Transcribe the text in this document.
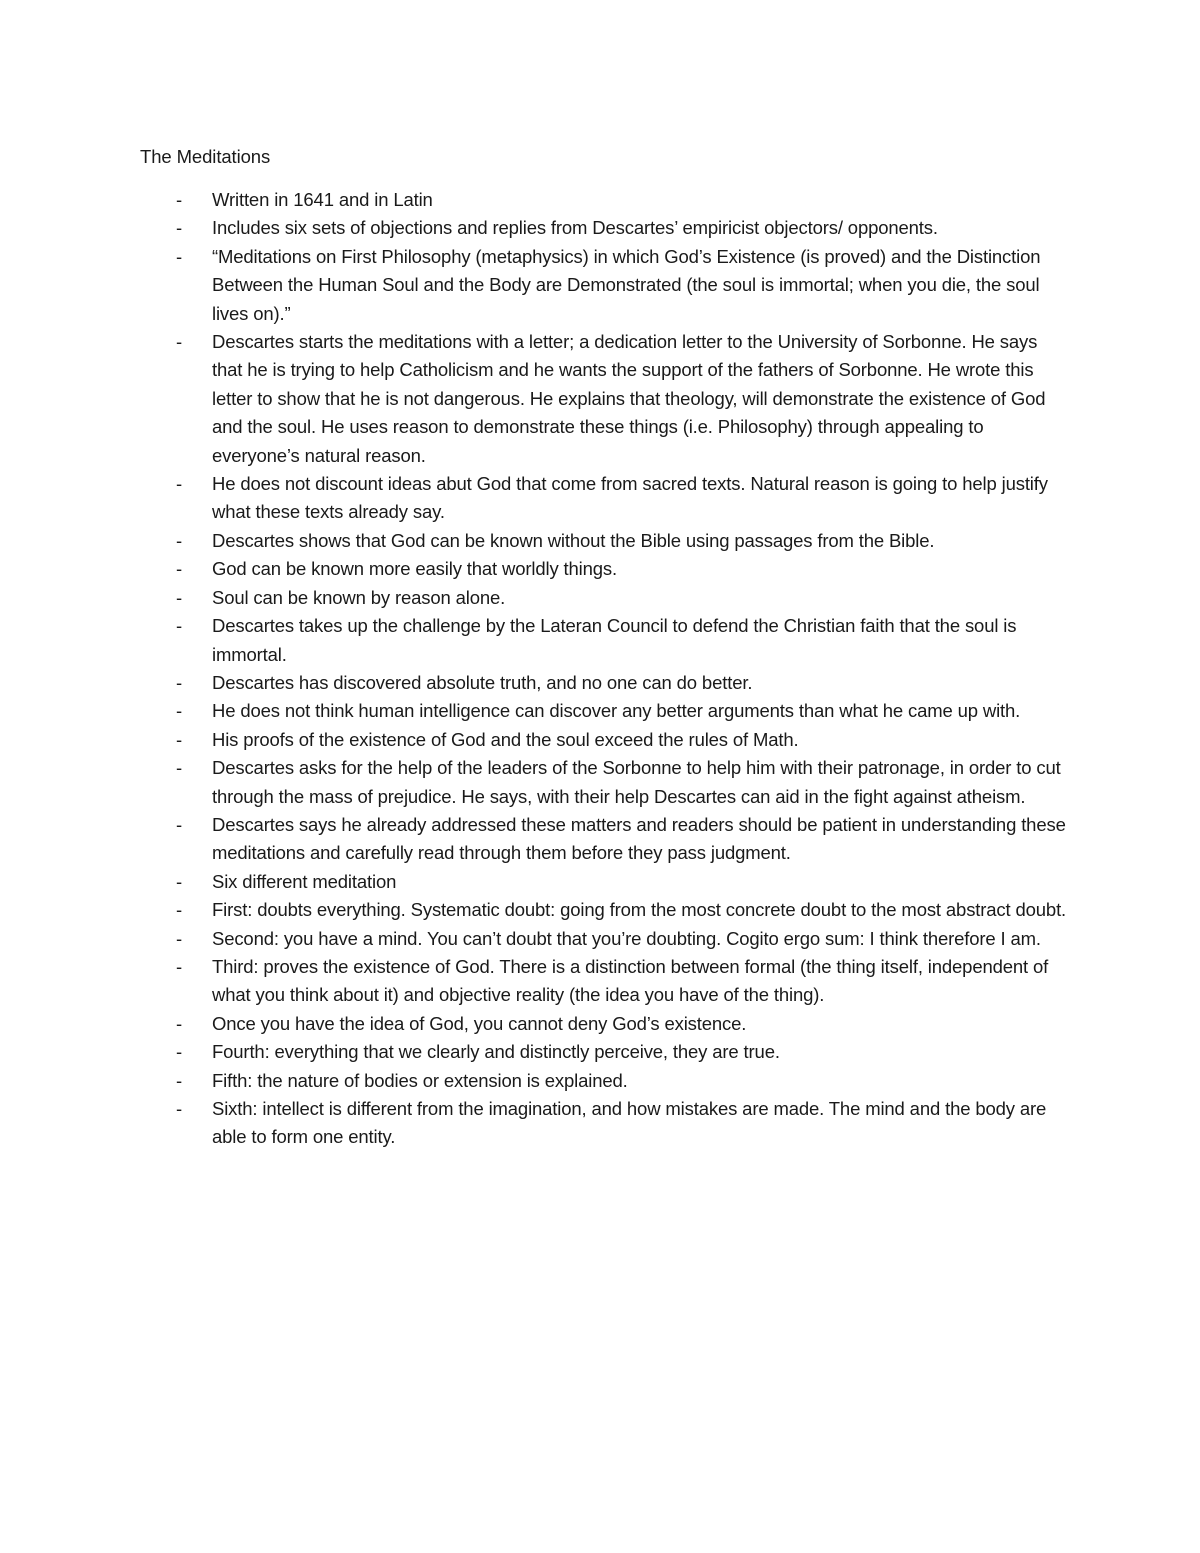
The Meditations
- Written in 1641 and in Latin
- Includes six sets of objections and replies from Descartes’ empiricist objectors/ opponents.
- “Meditations on First Philosophy (metaphysics) in which God’s Existence (is proved) and the Distinction Between the Human Soul and the Body are Demonstrated (the soul is immortal; when you die, the soul lives on).”
- Descartes starts the meditations with a letter; a dedication letter to the University of Sorbonne. He says that he is trying to help Catholicism and he wants the support of the fathers of Sorbonne. He wrote this letter to show that he is not dangerous. He explains that theology, will demonstrate the existence of God and the soul. He uses reason to demonstrate these things (i.e. Philosophy) through appealing to everyone’s natural reason.
- He does not discount ideas abut God that come from sacred texts. Natural reason is going to help justify what these texts already say.
- Descartes shows that God can be known without the Bible using passages from the Bible.
- God can be known more easily that worldly things.
- Soul can be known by reason alone.
- Descartes takes up the challenge by the Lateran Council to defend the Christian faith that the soul is immortal.
- Descartes has discovered absolute truth, and no one can do better.
- He does not think human intelligence can discover any better arguments than what he came up with.
- His proofs of the existence of God and the soul exceed the rules of Math.
- Descartes asks for the help of the leaders of the Sorbonne to help him with their patronage, in order to cut through the mass of prejudice. He says, with their help Descartes can aid in the fight against atheism.
- Descartes says he already addressed these matters and readers should be patient in understanding these meditations and carefully read through them before they pass judgment.
- Six different meditation
- First: doubts everything. Systematic doubt: going from the most concrete doubt to the most abstract doubt.
- Second: you have a mind. You can’t doubt that you’re doubting. Cogito ergo sum: I think therefore I am.
- Third: proves the existence of God. There is a distinction between formal (the thing itself, independent of what you think about it) and objective reality (the idea you have of the thing).
- Once you have the idea of God, you cannot deny God’s existence.
- Fourth: everything that we clearly and distinctly perceive, they are true.
- Fifth: the nature of bodies or extension is explained.
- Sixth: intellect is different from the imagination, and how mistakes are made. The mind and the body are able to form one entity.
